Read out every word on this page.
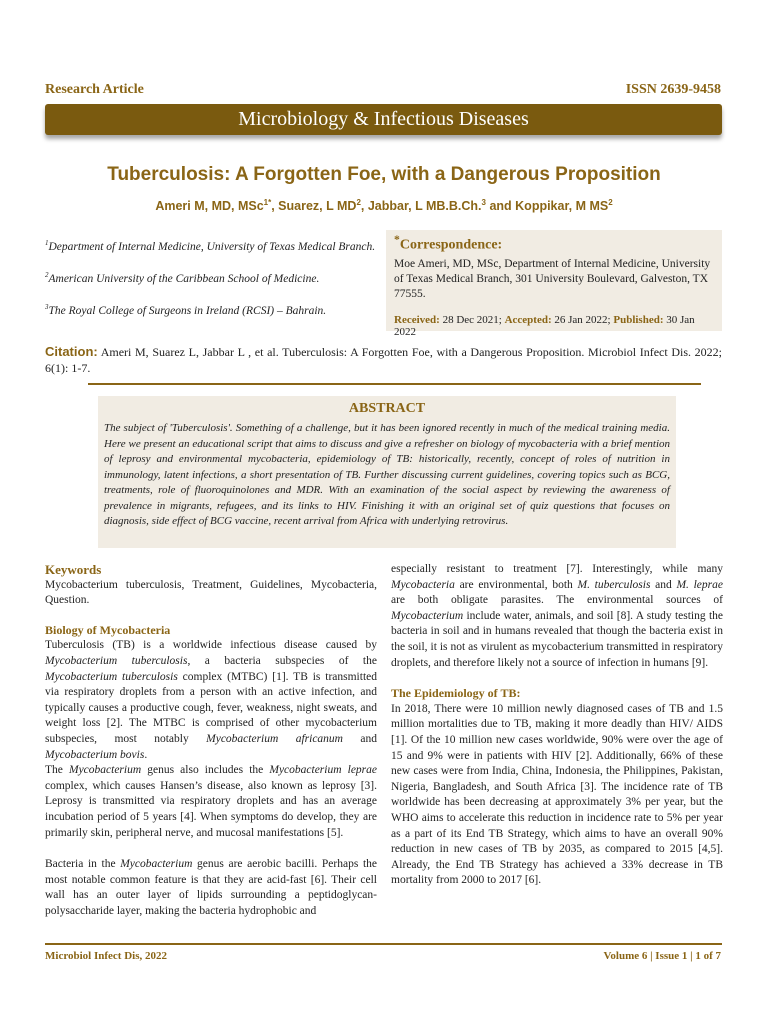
Research Article	ISSN 2639-9458
Microbiology & Infectious Diseases
Tuberculosis: A Forgotten Foe, with a Dangerous Proposition
Ameri M, MD, MSc$^{1*}$, Suarez, L $MD^2$, Jabbar, L MB.B.Ch.$^3$ and Koppikar, M $MS^2$

$^1$Department of Internal Medicine, University of Texas Medical Branch.

$^2$American University of the Caribbean School of Medicine.

$^3$The Royal College of Surgeons in Ireland (RCSI) – Bahrain.

*Correspondence:
Moe Ameri, MD, MSc, Department of Internal Medicine, University of Texas Medical Branch, 301 University Boulevard, Galveston, TX 77555.
Received: 28 Dec 2021; Accepted: 26 Jan 2022; Published: 30 Jan 2022
Citation: Ameri M, Suarez L, Jabbar L , et al. Tuberculosis: A Forgotten Foe, with a Dangerous Proposition. Microbiol Infect Dis. 2022; 6(1): 1-7.
ABSTRACT
The subject of 'Tuberculosis'. Something of a challenge, but it has been ignored recently in much of the medical training media. Here we present an educational script that aims to discuss and give a refresher on biology of mycobacteria with a brief mention of leprosy and environmental mycobacteria, epidemiology of TB: historically, recently, concept of roles of nutrition in immunology, latent infections, a short presentation of TB. Further discussing current guidelines, covering topics such as BCG, treatments, role of fluoroquinolones and MDR. With an examination of the social aspect by reviewing the awareness of prevalence in migrants, refugees, and its links to HIV. Finishing it with an original set of quiz questions that focuses on diagnosis, side effect of BCG vaccine, recent arrival from Africa with underlying retrovirus.
Keywords

Mycobacterium tuberculosis, Treatment, Guidelines, Mycobacteria, Question.

Biology of Mycobacteria

Tuberculosis (TB) is a worldwide infectious disease caused by Mycobacterium tuberculosis, a bacteria subspecies of the Mycobacterium tuberculosis complex (MTBC) [1]. TB is transmitted via respiratory droplets from a person with an active infection, and typically causes a productive cough, fever, weakness, night sweats, and weight loss [2]. The MTBC is comprised of other mycobacterium subspecies, most notably Mycobacterium africanum and Mycobacterium bovis.

The Mycobacterium genus also includes the Mycobacterium leprae complex, which causes Hansen’s disease, also known as leprosy [3]. Leprosy is transmitted via respiratory droplets and has an average incubation period of 5 years [4]. When symptoms do develop, they are primarily skin, peripheral nerve, and mucosal manifestations [5].

Bacteria in the Mycobacterium genus are aerobic bacilli. Perhaps the most notable common feature is that they are acid-fast [6]. Their cell wall has an outer layer of lipids surrounding a peptidoglycan-polysaccharide layer, making the bacteria hydrophobic and

especially resistant to treatment [7]. Interestingly, while many Mycobacteria are environmental, both M. tuberculosis and M. leprae are both obligate parasites. The environmental sources of Mycobacterium include water, animals, and soil [8]. A study testing the bacteria in soil and in humans revealed that though the bacteria exist in the soil, it is not as virulent as mycobacterium transmitted in respiratory droplets, and therefore likely not a source of infection in humans [9].

The Epidemiology of TB:

In 2018, There were 10 million newly diagnosed cases of TB and 1.5 million mortalities due to TB, making it more deadly than HIV/ AIDS [1]. Of the 10 million new cases worldwide, 90% were over the age of 15 and 9% were in patients with HIV [2]. Additionally, 66% of these new cases were from India, China, Indonesia, the Philippines, Pakistan, Nigeria, Bangladesh, and South Africa [3]. The incidence rate of TB worldwide has been decreasing at approximately 3% per year, but the WHO aims to accelerate this reduction in incidence rate to 5% per year as a part of its End TB Strategy, which aims to have an overall 90% reduction in new cases of TB by 2035, as compared to 2015 [4,5]. Already, the End TB Strategy has achieved a 33% decrease in TB mortality from 2000 to 2017 [6].

Microbiol Infect Dis, 2022	Volume 6 | Issue 1 | 1 of 7
